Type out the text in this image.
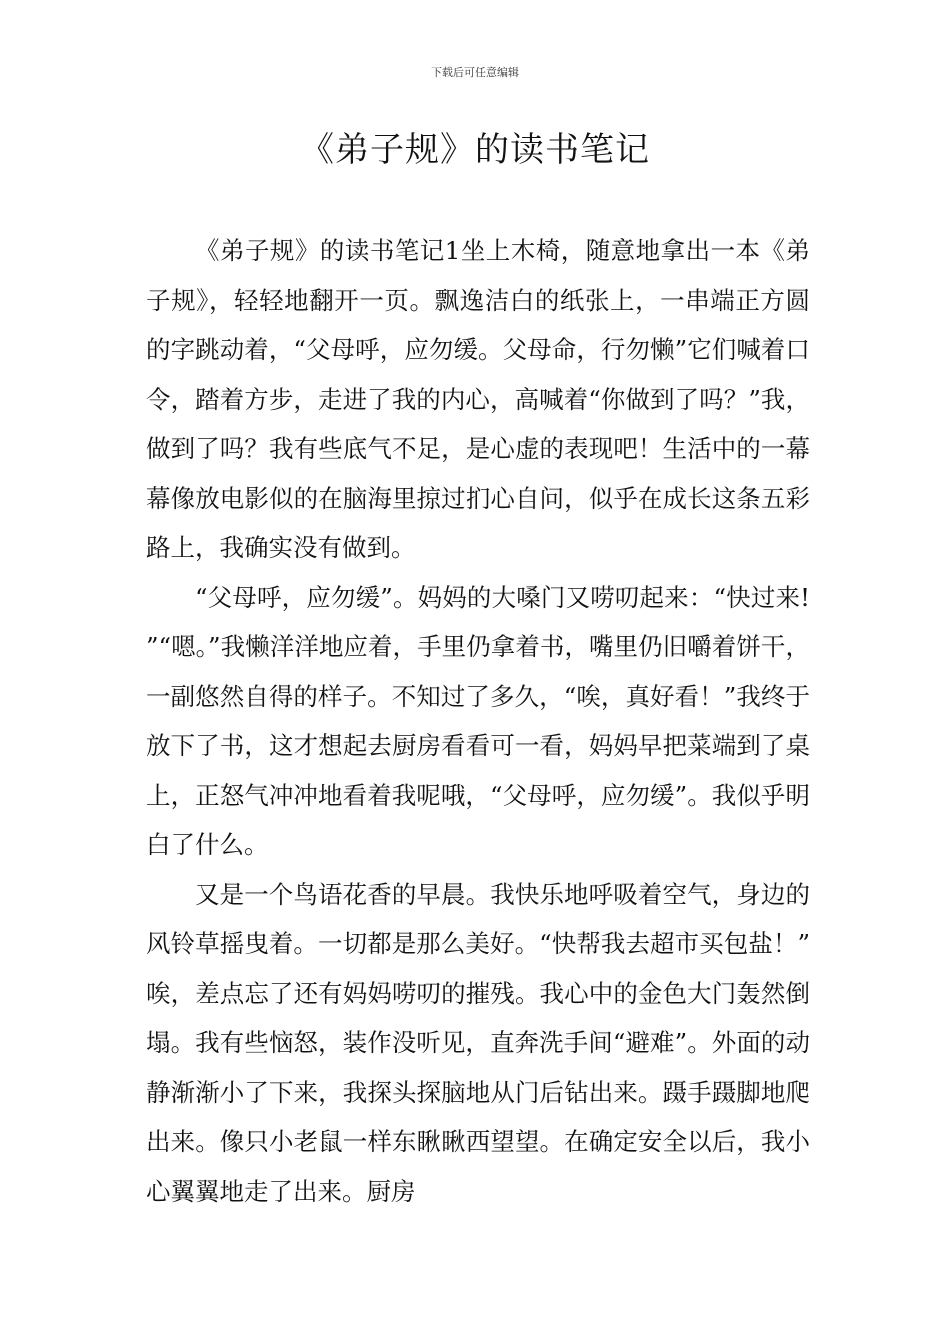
下载后可任意编辑
《弟子规》的读书笔记

《弟子规》的读书笔记1坐上木椅，随意地拿出一本《弟子规》，轻轻地翻开一页。飘逸洁白的纸张上，一串端正方圆的字跳动着，“父母呼，应勿缓。父母命，行勿懒”它们喊着口令，踏着方步，走进了我的内心，高喊着“你做到了吗？”我，做到了吗？我有些底气不足，是心虚的表现吧！生活中的一幕幕像放电影似的在脑海里掠过扪心自问，似乎在成长这条五彩路上，我确实没有做到。

“父母呼，应勿缓”。妈妈的大嗓门又唠叨起来：“快过来!”“嗯。”我懒洋洋地应着，手里仍拿着书，嘴里仍旧嚼着饼干，一副悠然自得的样子。不知过了多久，“唉，真好看！”我终于放下了书，这才想起去厨房看看可一看，妈妈早把菜端到了桌上，正怒气冲冲地看着我呢哦，“父母呼，应勿缓”。我似乎明白了什么。

又是一个鸟语花香的早晨。我快乐地呼吸着空气，身边的风铃草摇曳着。一切都是那么美好。“快帮我去超市买包盐！”唉，差点忘了还有妈妈唠叨的摧残。我心中的金色大门轰然倒塌。我有些恼怒，装作没听见，直奔洗手间“避难”。外面的动静渐渐小了下来，我探头探脑地从门后钻出来。蹑手蹑脚地爬出来。像只小老鼠一样东瞅瞅西望望。在确定安全以后，我小心翼翼地走了出来。厨房
